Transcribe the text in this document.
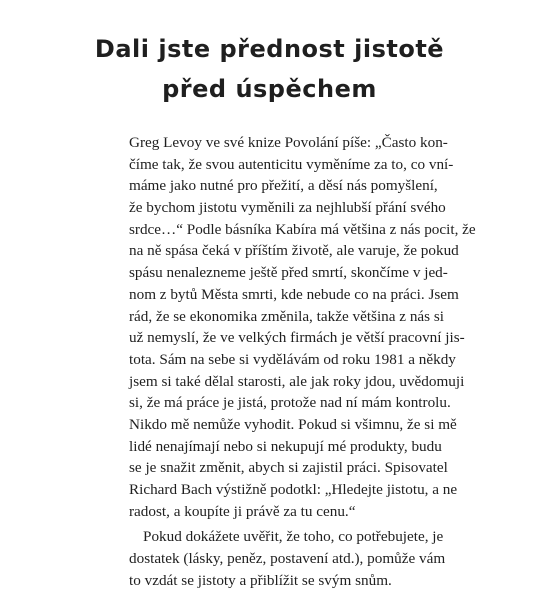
Dali jste přednost jistotě
před úspěchem
Greg Levoy ve své knize Povolání píše: „Často kon-
číme tak, že svou autenticitu vyměníme za to, co vní-
máme jako nutné pro přežití, a děsí nás pomyšlení,
že bychom jistotu vyměnili za nejhlubší přání svého
srdce…“ Podle básníka Kabíra má většina z nás pocit, že
na ně spása čeká v příštím životě, ale varuje, že pokud
spásu nenalezneme ještě před smrtí, skončíme v jed-
nom z bytů Města smrti, kde nebude co na práci. Jsem
rád, že se ekonomika změnila, takže většina z nás si
už nemyslí, že ve velkých firmách je větší pracovní jis-
tota. Sám na sebe si vydělávám od roku 1981 a někdy
jsem si také dělal starosti, ale jak roky jdou, uvědomuji
si, že má práce je jistá, protože nad ní mám kontrolu.
Nikdo mě nemůže vyhodit. Pokud si všimnu, že si mě
lidé nenajímají nebo si nekupují mé produkty, budu
se je snažit změnit, abych si zajistil práci. Spisovatel
Richard Bach výstižně podotkl: „Hledejte jistotu, a ne
radost, a koupíte ji právě za tu cenu.“
Pokud dokážete uvěřit, že toho, co potřebujete, je
dostatek (lásky, peněz, postavení atd.), pomůže vám
to vzdát se jistoty a přiblížit se svým snům.
